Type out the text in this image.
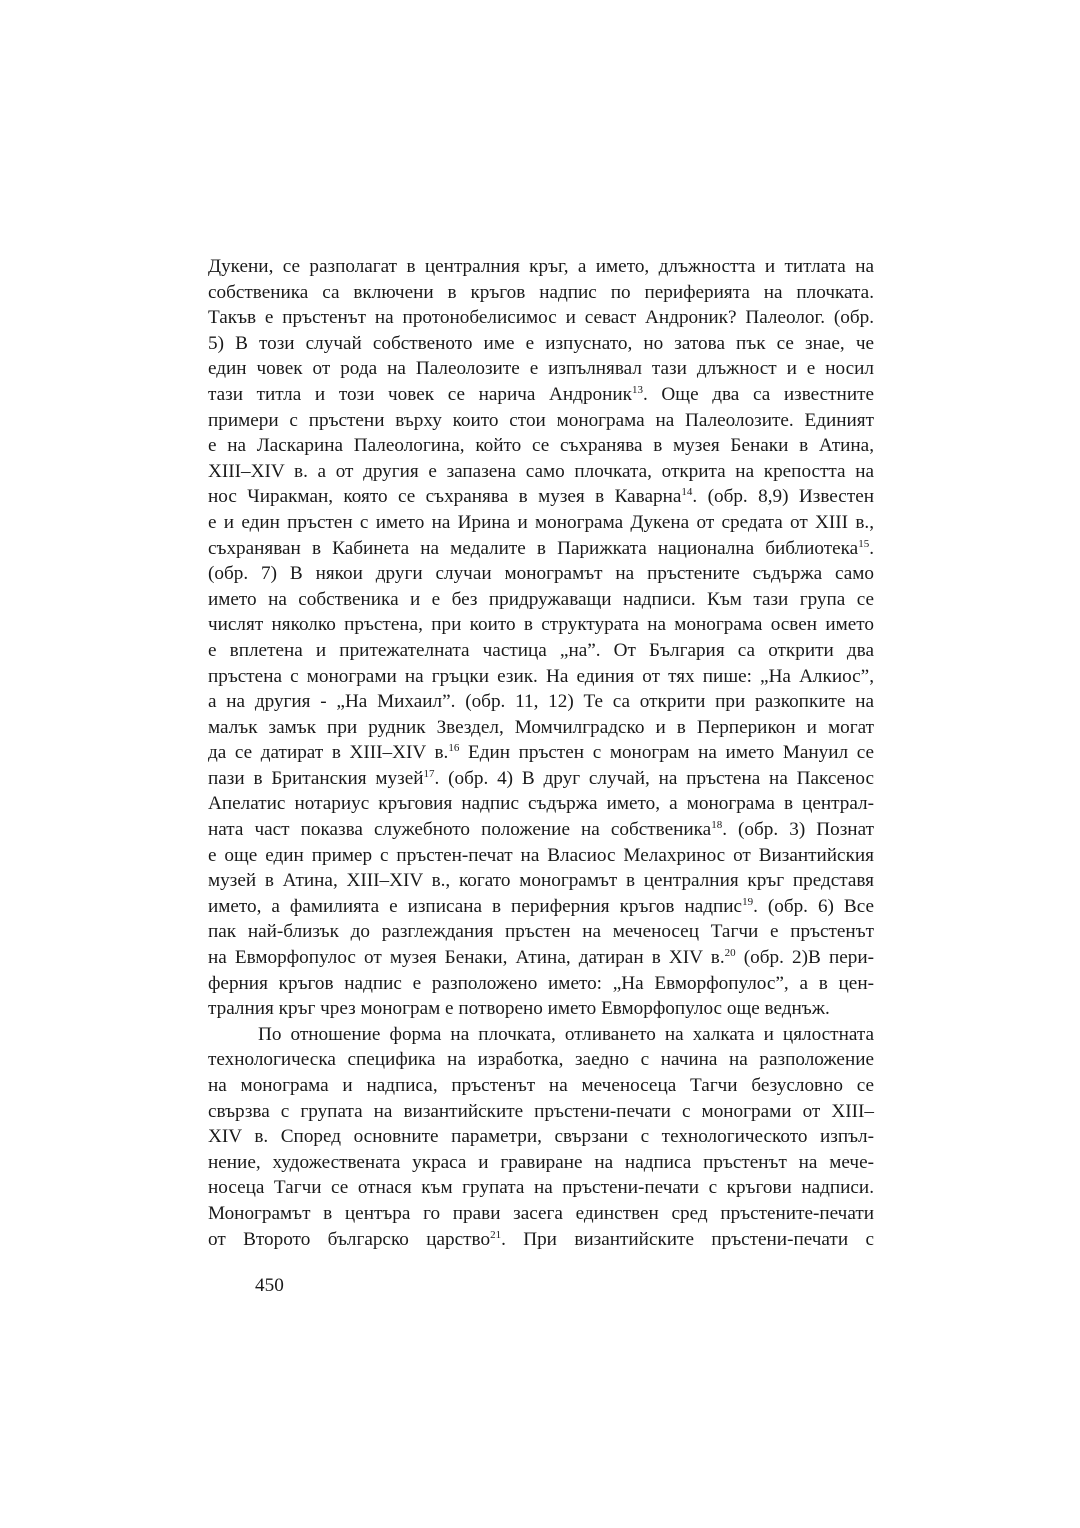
Дукени, се разполагат в централния кръг, а името, длъжността и титлата на
собственика са включени в кръгов надпис по периферията на плочката.
Такъв е пръстенът на протонобелисимос и севаст Андроник? Палеолог. (обр.
5) В този случай собственото име е изпуснато, но затова пък се знае, че
един човек от рода на Палеолозите е изпълнявал тази длъжност и е носил
тази титла и този човек се нарича Андроник$^{13}$. Още два са известните
примери с пръстени върху които стои монограма на Палеолозите. Единият
е на Ласкарина Палеологина, който се съхранява в музея Бенаки в Атина,
XIII–XIV в. а от другия е запазена само плочката, открита на крепостта на
нос Чиракман, която се съхранява в музея в Каварна$^{14}$. (обр. 8,9) Известен
е и един пръстен с името на Ирина и монограма Дукена от средата от XIII в.,
съхраняван в Кабинета на медалите в Парижката национална библиотека$^{15}$.
(обр. 7) В някои други случаи монограмът на пръстените съдържа само
името на собственика и е без придружаващи надписи. Към тази група се
числят няколко пръстена, при които в структурата на монограма освен името
е вплетена и притежателната частица „на”. От България са открити два
пръстена с монограми на гръцки език. На единия от тях пише: „На Алкиос”,
а на другия - „На Михаил”. (обр. 11, 12) Те са открити при разкопките на
малък замък при рудник Звездел, Момчилградско и в Перперикон и могат
да се датират в XIII–XIV в.$^{16}$ Един пръстен с монограм на името Мануил се
пази в Британския музей$^{17}$. (обр. 4) В друг случай, на пръстена на Паксенос
Апелатис нотариус кръговия надпис съдържа името, а монограма в централ-
ната част показва служебното положение на собственика$^{18}$. (обр. 3) Познат
е още един пример с пръстен-печат на Власиос Мелахринос от Византийския
музей в Атина, XIII–XIV в., когато монограмът в централния кръг представя
името, а фамилията е изписана в периферния кръгов надпис$^{19}$. (обр. 6) Все
пак най-близък до разглеждания пръстен на меченосец Тагчи е пръстенът
на Евморфопулос от музея Бенаки, Атина, датиран в XIV в.$^{20}$ (обр. 2)В пери-
ферния кръгов надпис е разположено името: „На Евморфопулос”, а в цен-
тралния кръг чрез монограм е потворено името Евморфопулос още веднъж.
По отношение форма на плочката, отливането на халката и цялостната
технологическа специфика на изработка, заедно с начина на разположение
на монограма и надписа, пръстенът на меченосеца Тагчи безусловно се
свързва с групата на византийските пръстени-печати с монограми от XIII–
XIV в. Според основните параметри, свързани с технологическото изпъл-
нение, художествената украса и гравиране на надписа пръстенът на мече-
носеца Тагчи се отнася към групата на пръстени-печати с кръгови надписи.
Монограмът в центъра го прави засега единствен сред пръстените-печати
от Второто българско царство$^{21}$. При византийските пръстени-печати с
450
